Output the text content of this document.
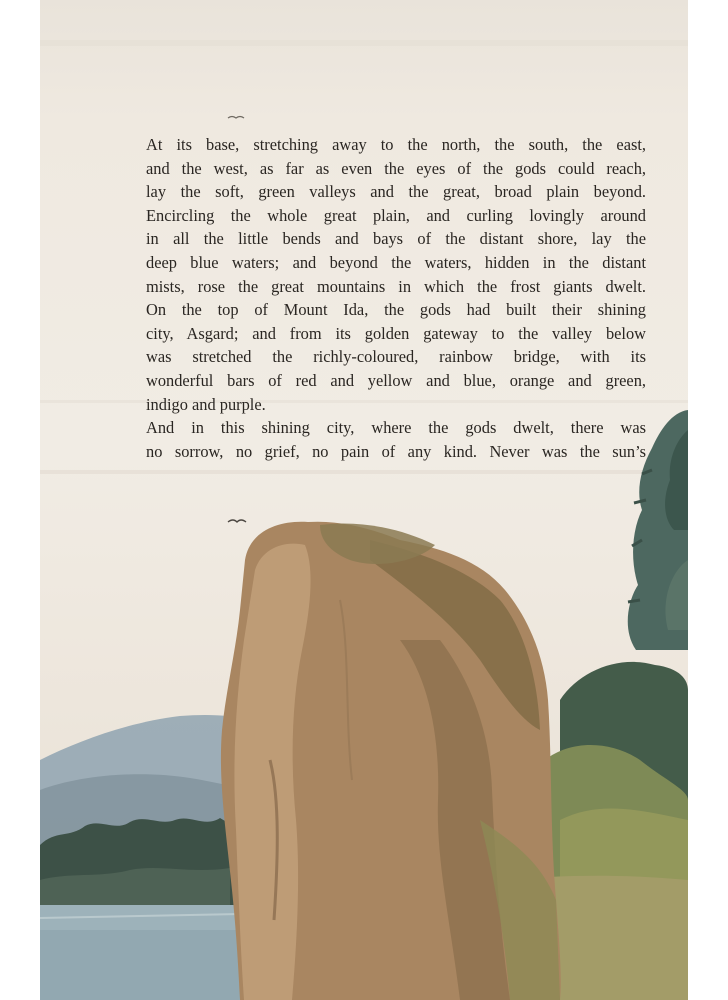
At its base, stretching away to the north, the south, the east,

and the west, as far as even the eyes of the gods could reach,

lay the soft, green valleys and the great, broad plain beyond.

Encircling the whole great plain, and curling lovingly around

in all the little bends and bays of the distant shore, lay the

deep blue waters; and beyond the waters, hidden in the distant

mists, rose the great mountains in which the frost giants dwelt.

On the top of Mount Ida, the gods had built their shining

city, Asgard; and from its golden gateway to the valley below

was stretched the richly-coloured, rainbow bridge, with its

wonderful bars of red and yellow and blue, orange and green,

indigo and purple.

And in this shining city, where the gods dwelt, there was

no sorrow, no grief, no pain of any kind. Never was the sun’s
